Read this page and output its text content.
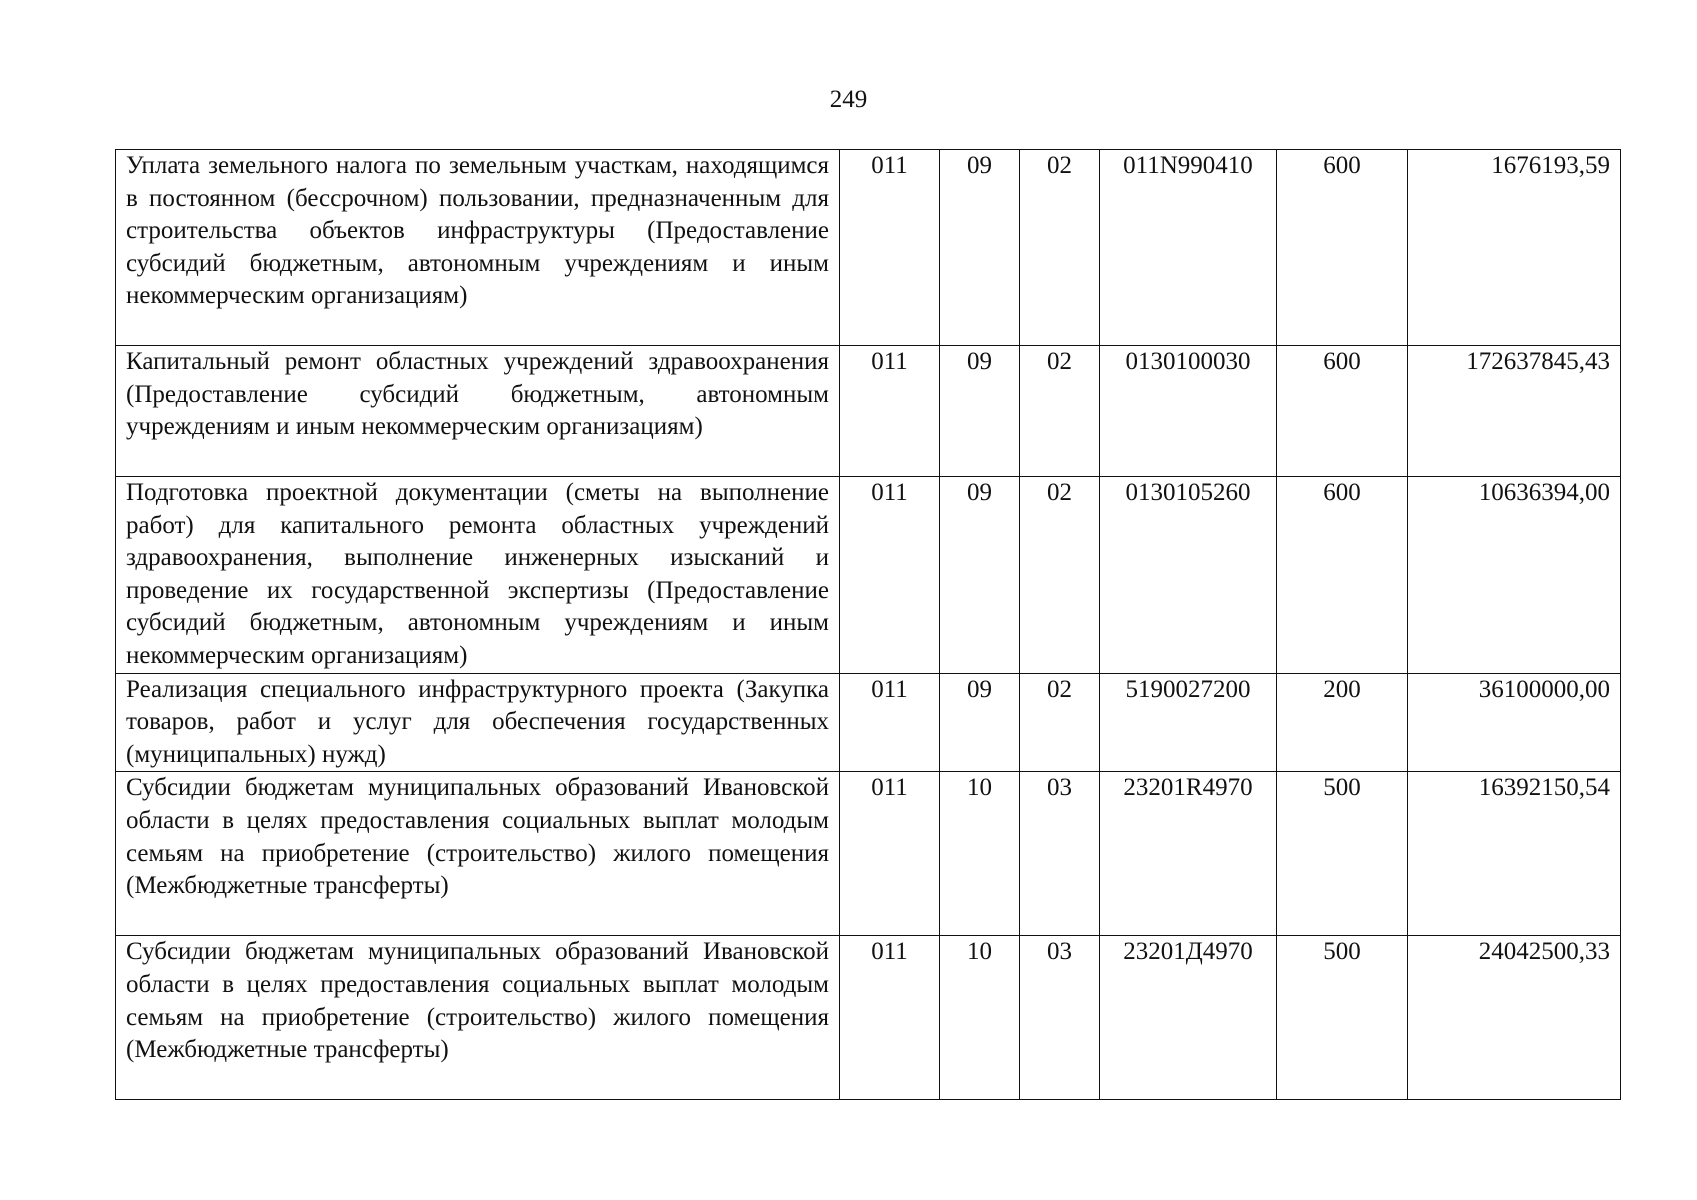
249
Уплата земельного налога по земельным участкам, находящимся в постоянном (бессрочном) пользовании, предназначенным для строительства объектов инфраструктуры (Предоставление субсидий бюджетным, автономным учреждениям и иным некоммерческим организациям)	011	09	02	011N990410	600	1676193,59
Капитальный ремонт областных учреждений здравоохранения (Предоставление субсидий бюджетным, автономным учреждениям и иным некоммерческим организациям)	011	09	02	0130100030	600	172637845,43
Подготовка проектной документации (сметы на выполнение работ) для капитального ремонта областных учреждений здравоохранения, выполнение инженерных изысканий и проведение их государственной экспертизы (Предоставление субсидий бюджетным, автономным учреждениям и иным некоммерческим организациям)	011	09	02	0130105260	600	10636394,00
Реализация специального инфраструктурного проекта (Закупка товаров, работ и услуг для обеспечения государственных (муниципальных) нужд)	011	09	02	5190027200	200	36100000,00
Субсидии бюджетам муниципальных образований Ивановской области в целях предоставления социальных выплат молодым семьям на приобретение (строительство) жилого помещения (Межбюджетные трансферты)	011	10	03	23201R4970	500	16392150,54
Субсидии бюджетам муниципальных образований Ивановской области в целях предоставления социальных выплат молодым семьям на приобретение (строительство) жилого помещения (Межбюджетные трансферты)	011	10	03	23201Д4970	500	24042500,33
